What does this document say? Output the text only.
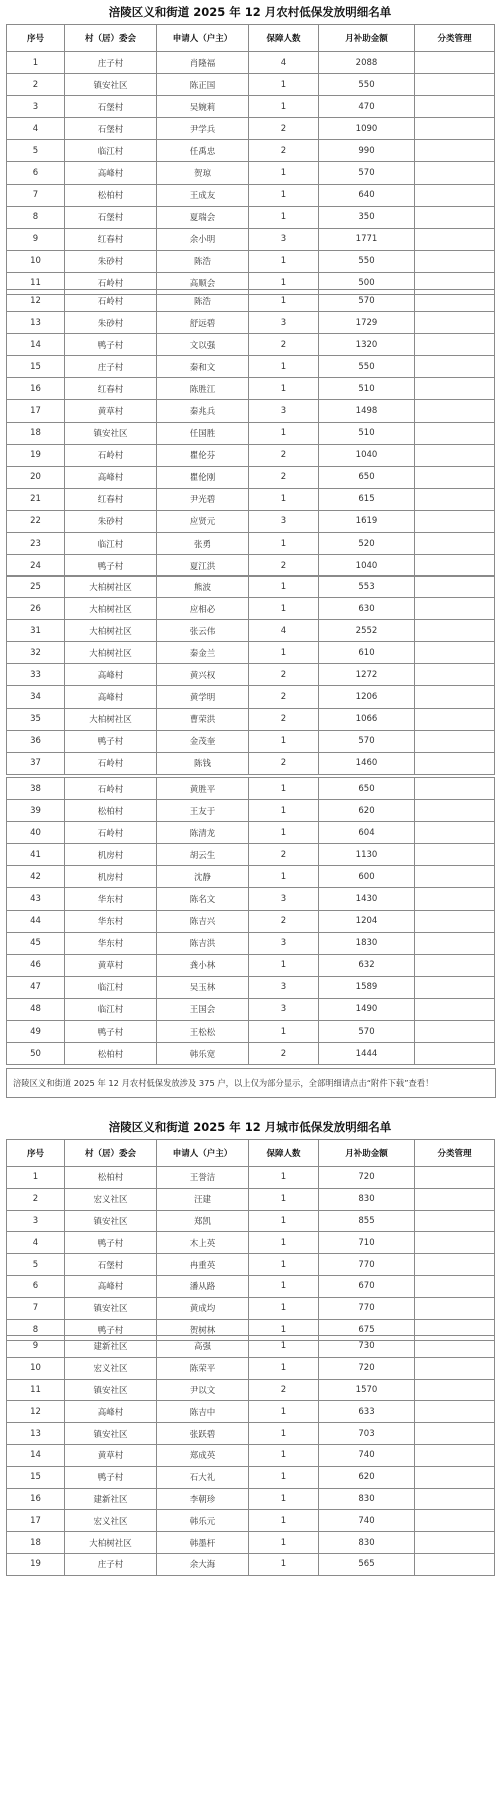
涪陵区义和街道 2025 年 12 月农村低保发放明细名单
序号	村（居）委会	申请人（户主）	保障人数	月补助金额	分类管理
1	庄子村	肖隆福	4	2088	
2	镇安社区	陈正国	1	550	
3	石堡村	吴婉莉	1	470	
4	石堡村	尹学兵	2	1090	
5	临江村	任禹忠	2	990	
6	高峰村	贺琼	1	570	
7	松柏村	王成友	1	640	
8	石堡村	夏瑞会	1	350	
9	红春村	余小明	3	1771	
10	朱砂村	陈浩	1	550	
11	石岭村	高顺会	1	500	
12	石岭村	陈浩	1	570	
13	朱砂村	舒远碧	3	1729	
14	鸭子村	文以强	2	1320	
15	庄子村	秦和文	1	550	
16	红春村	陈胜江	1	510	
17	黄草村	秦兆兵	3	1498	
18	镇安社区	任国胜	1	510	
19	石岭村	瞿伦芬	2	1040	
20	高峰村	瞿伦刚	2	650	
21	红春村	尹光碧	1	615	
22	朱砂村	应贤元	3	1619	
23	临江村	张勇	1	520	
24	鸭子村	夏江洪	2	1040	
25	大柏树社区	熊波	1	553	
26	大柏树社区	应相必	1	630	
31	大柏树社区	张云伟	4	2552	
32	大柏树社区	秦金兰	1	610	
33	高峰村	黄兴权	2	1272	
34	高峰村	黄学明	2	1206	
35	大柏树社区	曹荣洪	2	1066	
36	鸭子村	金茂奎	1	570	
37	石岭村	陈钱	2	1460	
38	石岭村	黄胜平	1	650	
39	松柏村	王友于	1	620	
40	石岭村	陈清龙	1	604	
41	机房村	胡云生	2	1130	
42	机房村	沈静	1	600	
43	华东村	陈名文	3	1430	
44	华东村	陈吉兴	2	1204	
45	华东村	陈吉洪	3	1830	
46	黄草村	龚小林	1	632	
47	临江村	吴玉林	3	1589	
48	临江村	王国会	3	1490	
49	鸭子村	王松松	1	570	
50	松柏村	韩乐宽	2	1444	
涪陵区义和街道 2025 年 12 月农村低保发放涉及 375 户，以上仅为部分显示，全部明细请点击“附件下载”查看！
涪陵区义和街道 2025 年 12 月城市低保发放明细名单
序号	村（居）委会	申请人（户主）	保障人数	月补助金额	分类管理
1	松柏村	王誉洁	1	720	
2	宏义社区	汪建	1	830	
3	镇安社区	郑凯	1	855	
4	鸭子村	木上英	1	710	
5	石堡村	冉重英	1	770	
6	高峰村	潘从路	1	670	
7	镇安社区	黄成均	1	770	
8	鸭子村	贺树林	1	675	
9	建新社区	高强	1	730	
10	宏义社区	陈荣平	1	720	
11	镇安社区	尹以文	2	1570	
12	高峰村	陈吉中	1	633	
13	镇安社区	张跃碧	1	703	
14	黄草村	郑成英	1	740	
15	鸭子村	石大礼	1	620	
16	建新社区	李朝珍	1	830	
17	宏义社区	韩乐元	1	740	
18	大柏树社区	韩墨杆	1	830	
19	庄子村	余大海	1	565	
